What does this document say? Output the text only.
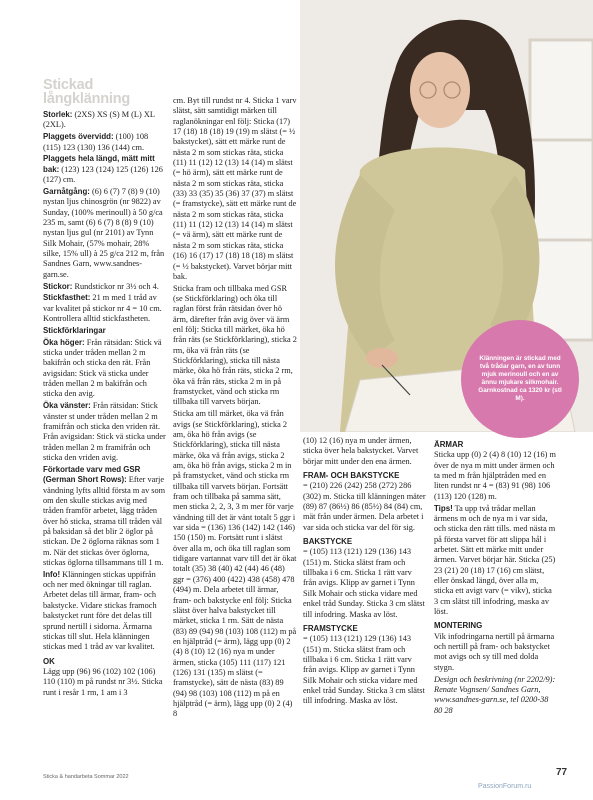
Stickad långklänning

Storlek: (2XS) XS (S) M (L) XL (2XL).

Plaggets övervidd: (100) 108 (115) 123 (130) 136 (144) cm.

Plaggets hela längd, mätt mitt bak: (123) 123 (124) 125 (126) 126 (127) cm.

Garnåtgång: (6) 6 (7) 7 (8) 9 (10) nystan ljus chinosgrön (nr 9822) av Sunday, (100% merinoull) à 50 g/ca 235 m, samt (6) 6 (7) 8 (8) 9 (10) nystan ljus gul (nr 2101) av Tynn Silk Mohair, (57% mohair, 28% silke, 15% ull) à 25 g/ca 212 m, från Sandnes Garn, www.sandnes-garn.se.

Stickor: Rundstickor nr 3½ och 4.

Stickfasthet: 21 m med 1 tråd av var kvalitet på stickor nr 4 = 10 cm. Kontrollera alltid stickfastheten.

Stickförklaringar

Öka höger: Från rätsidan: Stick vä sticka under tråden mellan 2 m bakifrån och sticka den rät. Från avigsidan: Stick vä sticka under tråden mellan 2 m bakifrån och sticka den avig.

Öka vänster: Från rätsidan: Stick vänster st under tråden mellan 2 m framifrån och sticka den vriden rät. Från avigsidan: Stick vä sticka under tråden mellan 2 m framifrån och sticka den vriden avig.

Förkortade varv med GSR (German Short Rows): Efter varje vändning lyfts alltid första m av som om den skulle stickas avig med tråden framför arbetet, lägg tråden över hö sticka, strama till tråden väl på baksidan så det blir 2 öglor på stickan. De 2 öglorna räknas som 1 m. När det stickas över öglorna, stickas öglorna tillsammans till 1 m.

Info! Klänningen stickas uppifrån och ner med ökningar till raglan. Arbetet delas till ärmar, fram- och bakstycke. Vidare stickas framoch bakstycket runt före det delas till sprund nertill i sidorna. Ärmarna stickas till slut. Hela klänningen stickas med 1 tråd av var kvalitet.

OK

Lägg upp (96) 96 (102) 102 (106) 110 (110) m på rundst nr 3½. Sticka runt i resår 1 rm, 1 am i 3

cm. Byt till rundst nr 4. Sticka 1 varv slätst, sätt samtidigt märken till raglanökningar enl följ: Sticka (17) 17 (18) 18 (18) 19 (19) m slätst (= ½ bakstycket), sätt ett märke runt de nästa 2 m som stickas räta, sticka (11) 11 (12) 12 (13) 14 (14) m slätst (= hö ärm), sätt ett märke runt de nästa 2 m som stickas räta, sticka (33) 33 (35) 35 (36) 37 (37) m slätst (= framstycke), sätt ett märke runt de nästa 2 m som stickas räta, sticka (11) 11 (12) 12 (13) 14 (14) m slätst (= vä ärm), sätt ett märke runt de nästa 2 m som stickas räta, sticka (16) 16 (17) 17 (18) 18 (18) m slätst (= ½ bakstycket). Varvet börjar mitt bak.

Sticka fram och tillbaka med GSR (se Stickförklaring) och öka till raglan först från rätsidan över hö ärm, därefter från avig över vä ärm enl följ: Sticka till märket, öka hö från räts (se Stickförklaring), sticka 2 rm, öka vä från räts (se Stickförklaring), sticka till nästa märke, öka hö från räts, sticka 2 rm, öka vä från räts, sticka 2 m in på framstycket, vänd och sticka rm tillbaka till varvets början.

Sticka am till märket, öka vä från avigs (se Stickförklaring), sticka 2 am, öka hö från avigs (se Stickförklaring), sticka till nästa märke, öka vä från avigs, sticka 2 am, öka hö från avigs, sticka 2 m in på framstycket, vänd och sticka rm tillbaka till varvets början. Fortsätt fram och tillbaka på samma sätt, men sticka 2, 2, 3, 3 m mer för varje vändning till det är vänt totalt 5 ggr i var sida = (136) 136 (142) 142 (146) 150 (150) m. Fortsätt runt i slätst över alla m, och öka till raglan som tidigare vartannat varv till det är ökat totalt (35) 38 (40) 42 (44) 46 (48) ggr = (376) 400 (422) 438 (458) 478 (494) m. Dela arbetet till ärmar, fram- och bakstycke enl följ: Sticka slätst över halva bakstycket till märket, sticka 1 rm. Sätt de nästa (83) 89 (94) 98 (103) 108 (112) m på en hjälptråd (= ärm), lägg upp (0) 2 (4) 8 (10) 12 (16) nya m under ärmen, sticka (105) 111 (117) 121 (126) 131 (135) m slätst (= framstycke), sätt de nästa (83) 89 (94) 98 (103) 108 (112) m på en hjälptråd (= ärm), lägg upp (0) 2 (4) 8

(10) 12 (16) nya m under ärmen, sticka över hela bakstycket. Varvet börjar mitt under den ena ärmen.

FRAM- OCH BAKSTYCKE

= (210) 226 (242) 258 (272) 286 (302) m. Sticka till klänningen mäter (89) 87 (86½) 86 (85½) 84 (84) cm, mät från under ärmen. Dela arbetet i var sida och sticka var del för sig.

BAKSTYCKE

= (105) 113 (121) 129 (136) 143 (151) m. Sticka slätst fram och tillbaka i 6 cm. Sticka 1 rätt varv från avigs. Klipp av garnet i Tynn Silk Mohair och sticka vidare med enkel tråd Sunday. Sticka 3 cm slätst till infodring. Maska av löst.

FRAMSTYCKE

= (105) 113 (121) 129 (136) 143 (151) m. Sticka slätst fram och tillbaka i 6 cm. Sticka 1 rätt varv från avigs. Klipp av garnet i Tynn Silk Mohair och sticka vidare med enkel tråd Sunday. Sticka 3 cm slätst till infodring. Maska av löst.

ÄRMAR

Sticka upp (0) 2 (4) 8 (10) 12 (16) m över de nya m mitt under ärmen och ta med m från hjälptråden med en liten rundst nr 4 = (83) 91 (98) 106 (113) 120 (128) m.

Tips! Ta upp två trådar mellan ärmens m och de nya m i var sida, och sticka den rätt tills. med nästa m på första varvet för att slippa hål i arbetet. Sätt ett märke mitt under ärmen. Varvet börjar här. Sticka (25) 23 (21) 20 (18) 17 (16) cm slätst, eller önskad längd, över alla m, sticka ett avigt varv (= vikv), sticka 3 cm slätst till infodring, maska av löst.

MONTERING

Vik infodringarna nertill på ärmarna och nertill på fram- och bakstycket mot avigs och sy till med dolda stygn.

Design och beskrivning (nr 2202/9): Renate Vognsen/ Sandnes Garn, www.sandnes-garn.se, tel 0200-38 80 28

Klänningen är stickad med två trådar garn, en av tunn mjuk merinoull och en av ännu mjukare silkmohair. Garnkostnad ca 1320 kr (stl M).
Sticka & handarbeta Sommar 2022	77
PassionForum.ru
